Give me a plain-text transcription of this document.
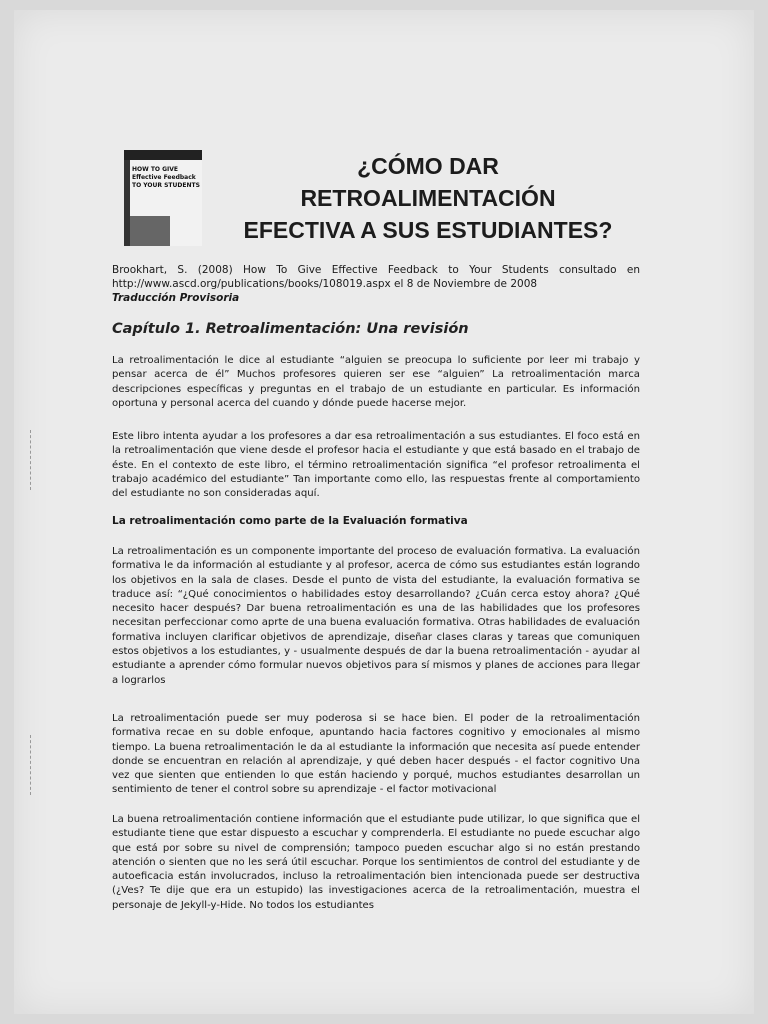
HOW TO GIVE
Effective Feedback
TO YOUR STUDENTS
¿CÓMO DAR
RETROALIMENTACIÓN
EFECTIVA A SUS ESTUDIANTES?
Brookhart, S. (2008) How To Give Effective Feedback to Your Students consultado en http://www.ascd.org/publications/books/108019.aspx el 8 de Noviembre de 2008
Traducción Provisoria
Capítulo 1. Retroalimentación: Una revisión
La retroalimentación le dice al estudiante “alguien se preocupa lo suficiente por leer mi trabajo y pensar acerca de él” Muchos profesores quieren ser ese “alguien” La retroalimentación marca descripciones específicas y preguntas en el trabajo de un estudiante en particular. Es información oportuna y personal acerca del cuando y dónde puede hacerse mejor.
Este libro intenta ayudar a los profesores a dar esa retroalimentación a sus estudiantes. El foco está en la retroalimentación que viene desde el profesor hacia el estudiante y que está basado en el trabajo de éste. En el contexto de este libro, el término retroalimentación significa “el profesor retroalimenta el trabajo académico del estudiante” Tan importante como ello, las respuestas frente al comportamiento del estudiante no son consideradas aquí.
La retroalimentación como parte de la Evaluación formativa
La retroalimentación es un componente importante del proceso de evaluación formativa. La evaluación formativa le da información al estudiante y al profesor, acerca de cómo sus estudiantes están logrando los objetivos en la sala de clases. Desde el punto de vista del estudiante, la evaluación formativa se traduce así: “¿Qué conocimientos o habilidades estoy desarrollando? ¿Cuán cerca estoy ahora? ¿Qué necesito hacer después? Dar buena retroalimentación es una de las habilidades que los profesores necesitan perfeccionar como aprte de una buena evaluación formativa. Otras habilidades de evaluación formativa incluyen clarificar objetivos de aprendizaje, diseñar clases claras y tareas que comuniquen estos objetivos a los estudiantes, y - usualmente después de dar la buena retroalimentación - ayudar al estudiante a aprender cómo formular nuevos objetivos para sí mismos y planes de acciones para llegar a lograrlos
La retroalimentación puede ser muy poderosa si se hace bien. El poder de la retroalimentación formativa recae en su doble enfoque, apuntando hacia factores cognitivo y emocionales al mismo tiempo. La buena retroalimentación le da al estudiante la información que necesita así puede entender donde se encuentran en relación al aprendizaje, y qué deben hacer después - el factor cognitivo Una vez que sienten que entienden lo que están haciendo y porqué, muchos estudiantes desarrollan un sentimiento de tener el control sobre su aprendizaje - el factor motivacional
La buena retroalimentación contiene información que el estudiante pude utilizar, lo que significa que el estudiante tiene que estar dispuesto a escuchar y comprenderla. El estudiante no puede escuchar algo que está por sobre su nivel de comprensión; tampoco pueden escuchar algo si no están prestando atención o sienten que no les será útil escuchar. Porque los sentimientos de control del estudiante y de autoeficacia están involucrados, incluso la retroalimentación bien intencionada puede ser destructiva (¿Ves? Te dije que era un estupido) las investigaciones acerca de la retroalimentación, muestra el personaje de Jekyll-y-Hide. No todos los estudiantes
